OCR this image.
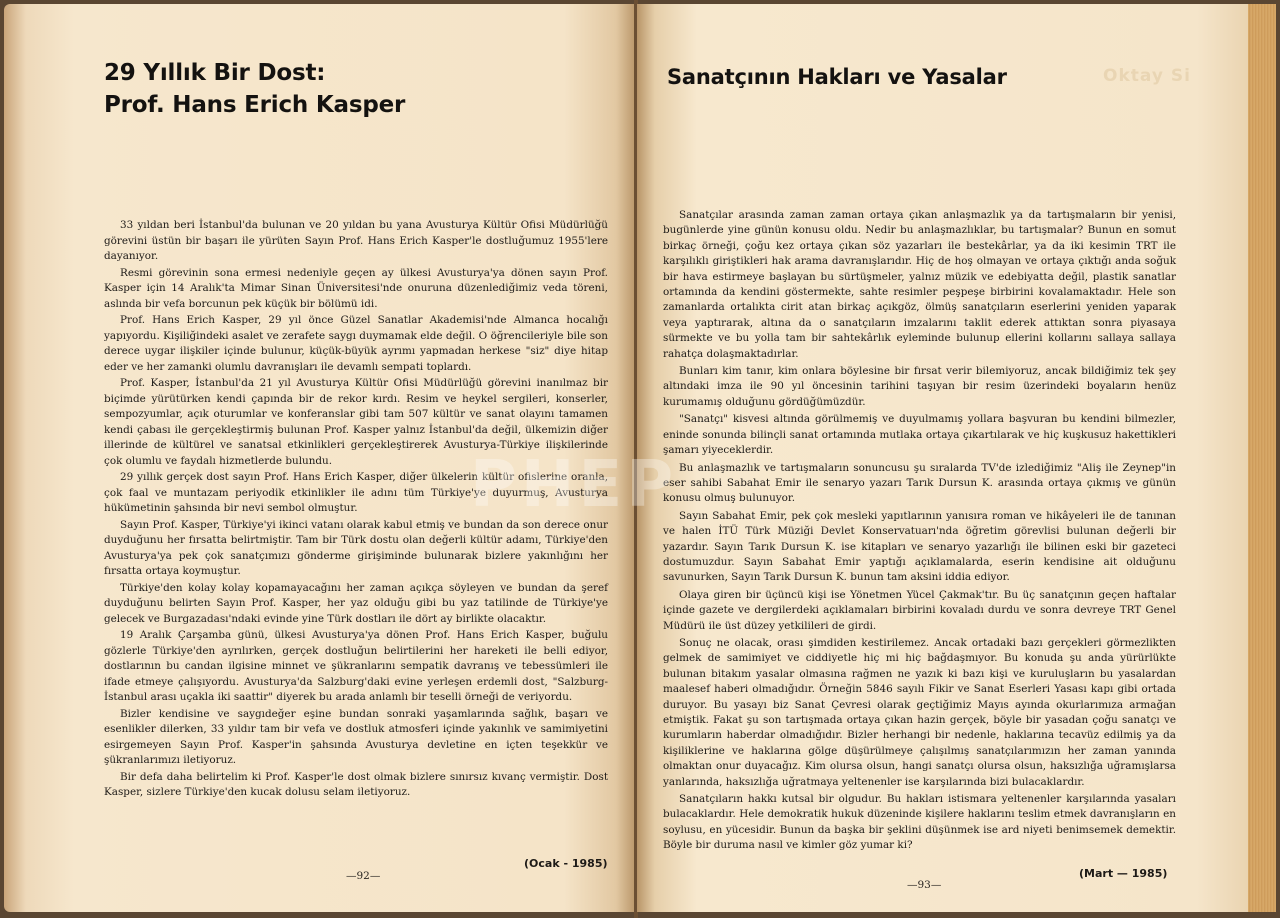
29 Yıllık Bir Dost:
Prof. Hans Erich Kasper

33 yıldan beri İstanbul'da bulunan ve 20 yıldan bu yana Avusturya Kültür Ofisi Müdürlüğü görevini üstün bir başarı ile yürüten Sayın Prof. Hans Erich Kasper'le dostluğumuz 1955'lere dayanıyor.

Resmi görevinin sona ermesi nedeniyle geçen ay ülkesi Avusturya'ya dönen sayın Prof. Kasper için 14 Aralık'ta Mimar Sinan Üniversitesi'nde onuruna düzenlediğimiz veda töreni, aslında bir vefa borcunun pek küçük bir bölümü idi.

Prof. Hans Erich Kasper, 29 yıl önce Güzel Sanatlar Akademisi'nde Almanca hocalığı yapıyordu. Kişiliğindeki asalet ve zerafete saygı duymamak elde değil. O öğrencileriyle bile son derece uygar ilişkiler içinde bulunur, küçük-büyük ayrımı yapmadan herkese "siz" diye hitap eder ve her zamanki olumlu davranışları ile devamlı sempati toplardı.

Prof. Kasper, İstanbul'da 21 yıl Avusturya Kültür Ofisi Müdürlüğü görevini inanılmaz bir biçimde yürütürken kendi çapında bir de rekor kırdı. Resim ve heykel sergileri, konserler, sempozyumlar, açık oturumlar ve konferanslar gibi tam 507 kültür ve sanat olayını tamamen kendi çabası ile gerçekleştirmiş bulunan Prof. Kasper yalnız İstanbul'da değil, ülkemizin diğer illerinde de kültürel ve sanatsal etkinlikleri gerçekleştirerek Avusturya-Türkiye ilişkilerinde çok olumlu ve faydalı hizmetlerde bulundu.

29 yıllık gerçek dost sayın Prof. Hans Erich Kasper, diğer ülkelerin kültür ofislerine oranla, çok faal ve muntazam periyodik etkinlikler ile adını tüm Türkiye'ye duyurmuş, Avusturya hükümetinin şahsında bir nevi sembol olmuştur.

Sayın Prof. Kasper, Türkiye'yi ikinci vatanı olarak kabul etmiş ve bundan da son derece onur duyduğunu her fırsatta belirtmiştir. Tam bir Türk dostu olan değerli kültür adamı, Türkiye'den Avusturya'ya pek çok sanatçımızı gönderme girişiminde bulunarak bizlere yakınlığını her fırsatta ortaya koymuştur.

Türkiye'den kolay kolay kopamayacağını her zaman açıkça söyleyen ve bundan da şeref duyduğunu belirten Sayın Prof. Kasper, her yaz olduğu gibi bu yaz tatilinde de Türkiye'ye gelecek ve Burgazadası'ndaki evinde yine Türk dostları ile dört ay birlikte olacaktır.

19 Aralık Çarşamba günü, ülkesi Avusturya'ya dönen Prof. Hans Erich Kasper, buğulu gözlerle Türkiye'den ayrılırken, gerçek dostluğun belirtilerini her hareketi ile belli ediyor, dostlarının bu candan ilgisine minnet ve şükranlarını sempatik davranış ve tebessümleri ile ifade etmeye çalışıyordu. Avusturya'da Salzburg'daki evine yerleşen erdemli dost, "Salzburg-İstanbul arası uçakla iki saattir" diyerek bu arada anlamlı bir teselli örneği de veriyordu.

Bizler kendisine ve saygıdeğer eşine bundan sonraki yaşamlarında sağlık, başarı ve esenlikler dilerken, 33 yıldır tam bir vefa ve dostluk atmosferi içinde yakınlık ve samimiyetini esirgemeyen Sayın Prof. Kasper'in şahsında Avusturya devletine en içten teşekkür ve şükranlarımızı iletiyoruz.

Bir defa daha belirtelim ki Prof. Kasper'le dost olmak bizlere sınırsız kıvanç vermiştir. Dost Kasper, sizlere Türkiye'den kucak dolusu selam iletiyoruz.

(Ocak - 1985)
—92—
Sanatçının Hakları ve Yasalar	Oktay Si

Sanatçılar arasında zaman zaman ortaya çıkan anlaşmazlık ya da tartışmaların bir yenisi, bugünlerde yine günün konusu oldu. Nedir bu anlaşmazlıklar, bu tartışmalar? Bunun en somut birkaç örneği, çoğu kez ortaya çıkan söz yazarları ile bestekârlar, ya da iki kesimin TRT ile karşılıklı giriştikleri hak arama davranışlarıdır. Hiç de hoş olmayan ve ortaya çıktığı anda soğuk bir hava estirmeye başlayan bu sürtüşmeler, yalnız müzik ve edebiyatta değil, plastik sanatlar ortamında da kendini göstermekte, sahte resimler peşpeşe birbirini kovalamaktadır. Hele son zamanlarda ortalıkta cirit atan birkaç açıkgöz, ölmüş sanatçıların eserlerini yeniden yaparak veya yaptırarak, altına da o sanatçıların imzalarını taklit ederek attıktan sonra piyasaya sürmekte ve bu yolla tam bir sahtekârlık eyleminde bulunup ellerini kollarını sallaya sallaya rahatça dolaşmaktadırlar.

Bunları kim tanır, kim onlara böylesine bir fırsat verir bilemiyoruz, ancak bildiğimiz tek şey altındaki imza ile 90 yıl öncesinin tarihini taşıyan bir resim üzerindeki boyaların henüz kurumamış olduğunu gördüğümüzdür.

"Sanatçı" kisvesi altında görülmemiş ve duyulmamış yollara başvuran bu kendini bilmezler, eninde sonunda bilinçli sanat ortamında mutlaka ortaya çıkartılarak ve hiç kuşkusuz hakettikleri şamarı yiyeceklerdir.

Bu anlaşmazlık ve tartışmaların sonuncusu şu sıralarda TV'de izlediğimiz "Aliş ile Zeynep"in eser sahibi Sabahat Emir ile senaryo yazarı Tarık Dursun K. arasında ortaya çıkmış ve günün konusu olmuş bulunuyor.

Sayın Sabahat Emir, pek çok mesleki yapıtlarının yanısıra roman ve hikâyeleri ile de tanınan ve halen İTÜ Türk Müziği Devlet Konservatuarı'nda öğretim görevlisi bulunan değerli bir yazardır. Sayın Tarık Dursun K. ise kitapları ve senaryo yazarlığı ile bilinen eski bir gazeteci dostumuzdur. Sayın Sabahat Emir yaptığı açıklamalarda, eserin kendisine ait olduğunu savunurken, Sayın Tarık Dursun K. bunun tam aksini iddia ediyor.

Olaya giren bir üçüncü kişi ise Yönetmen Yücel Çakmak'tır. Bu üç sanatçının geçen haftalar içinde gazete ve dergilerdeki açıklamaları birbirini kovaladı durdu ve sonra devreye TRT Genel Müdürü ile üst düzey yetkilileri de girdi.

Sonuç ne olacak, orası şimdiden kestirilemez. Ancak ortadaki bazı gerçekleri görmezlikten gelmek de samimiyet ve ciddiyetle hiç mi hiç bağdaşmıyor. Bu konuda şu anda yürürlükte bulunan bitakım yasalar olmasına rağmen ne yazık ki bazı kişi ve kuruluşların bu yasalardan maalesef haberi olmadığıdır. Örneğin 5846 sayılı Fikir ve Sanat Eserleri Yasası kapı gibi ortada duruyor. Bu yasayı biz Sanat Çevresi olarak geçtiğimiz Mayıs ayında okurlarımıza armağan etmiştik. Fakat şu son tartışmada ortaya çıkan hazin gerçek, böyle bir yasadan çoğu sanatçı ve kurumların haberdar olmadığıdır. Bizler herhangi bir nedenle, haklarına tecavüz edilmiş ya da kişiliklerine ve haklarına gölge düşürülmeye çalışılmış sanatçılarımızın her zaman yanında olmaktan onur duyacağız. Kim olursa olsun, hangi sanatçı olursa olsun, haksızlığa uğramışlarsa yanlarında, haksızlığa uğratmaya yeltenenler ise karşılarında bizi bulacaklardır.

Sanatçıların hakkı kutsal bir olgudur. Bu hakları istismara yeltenenler karşılarında yasaları bulacaklardır. Hele demokratik hukuk düzeninde kişilere haklarını teslim etmek davranışların en soylusu, en yücesidir. Bunun da başka bir şeklini düşünmek ise ard niyeti benimsemek demektir. Böyle bir duruma nasıl ve kimler göz yumar ki?

(Mart — 1985)
—93—
PHEP
